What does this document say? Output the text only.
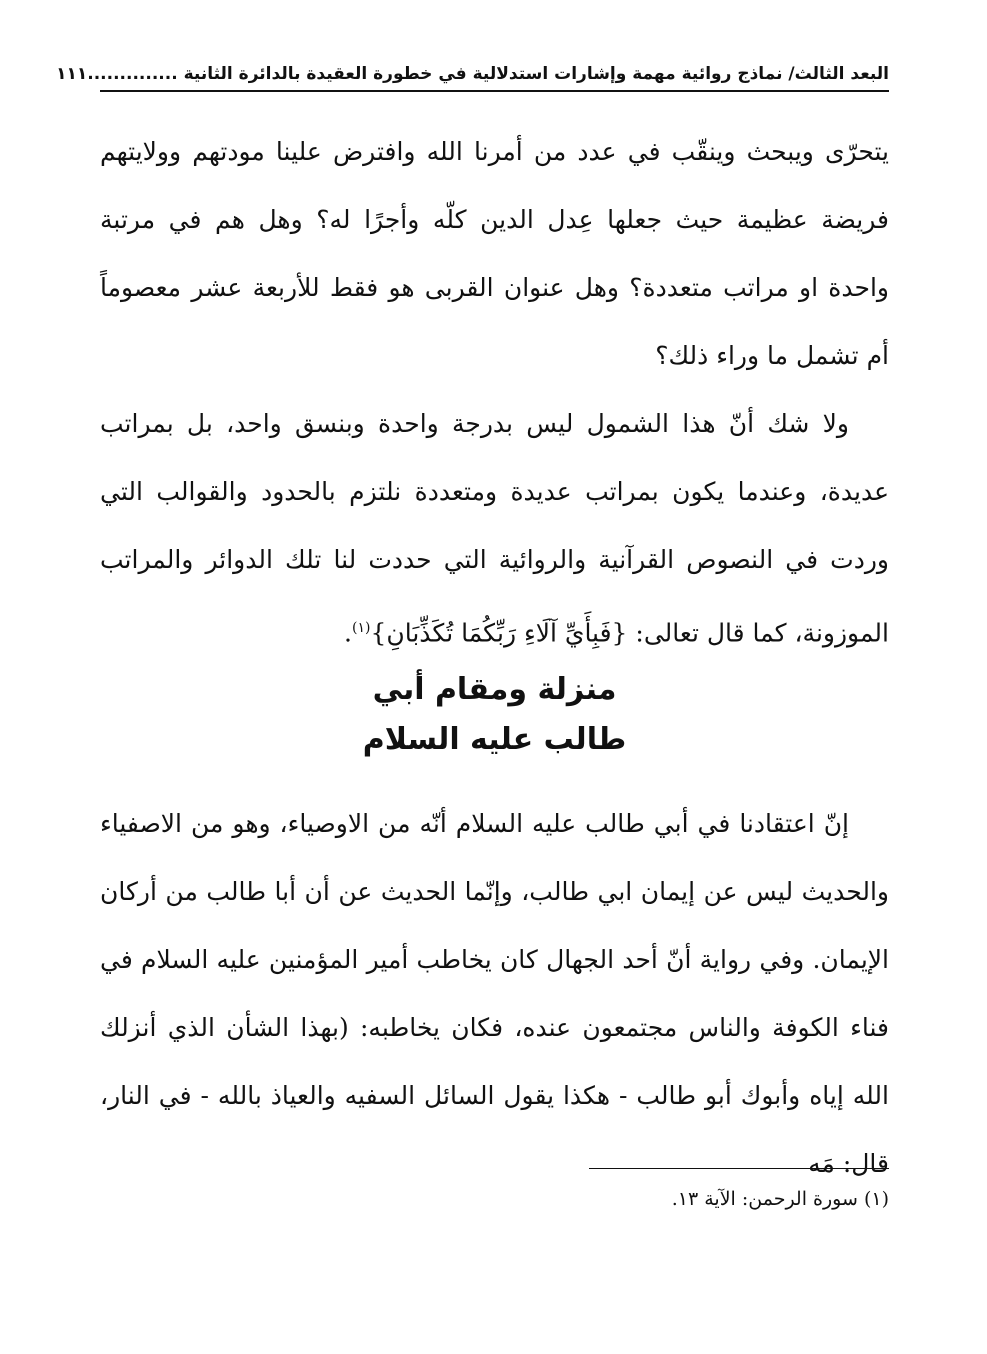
البعد الثالث/ نماذج روائية مهمة وإشارات استدلالية في خطورة العقيدة بالدائرة الثانية ..............
١١١

يتحرّى ويبحث وينقّب في عدد من أمرنا الله وافترض علينا مودتهم وولايتهم فريضة عظيمة حيث جعلها عِدل الدين كلّه وأجرًا له؟ وهل هم في مرتبة واحدة او مراتب متعددة؟ وهل عنوان القربى هو فقط للأربعة عشر معصوماً أم تشمل ما وراء ذلك؟

ولا شك أنّ هذا الشمول ليس بدرجة واحدة وبنسق واحد، بل بمراتب عديدة، وعندما يكون بمراتب عديدة ومتعددة نلتزم بالحدود والقوالب التي وردت في النصوص القرآنية والروائية التي حددت لنا تلك الدوائر والمراتب الموزونة، كما قال تعالى: {فَبِأَيِّ آلَاءِ رَبِّكُمَا تُكَذِّبَانِ}$^{(١)}$.

منزلة ومقام أبي
طالب عليه السلام

إنّ اعتقادنا في أبي طالب عليه السلام أنّه من الاوصياء، وهو من الاصفياء والحديث ليس عن إيمان ابي طالب، وإنّما الحديث عن أن أبا طالب من أركان الإيمان. وفي رواية أنّ أحد الجهال كان يخاطب أمير المؤمنين عليه السلام في فناء الكوفة والناس مجتمعون عنده، فكان يخاطبه: (بهذا الشأن الذي أنزلك الله إياه وأبوك أبو طالب - هكذا يقول السائل السفيه والعياذ بالله - في النار، قال: مَه

(١) سورة الرحمن: الآية ١٣.
